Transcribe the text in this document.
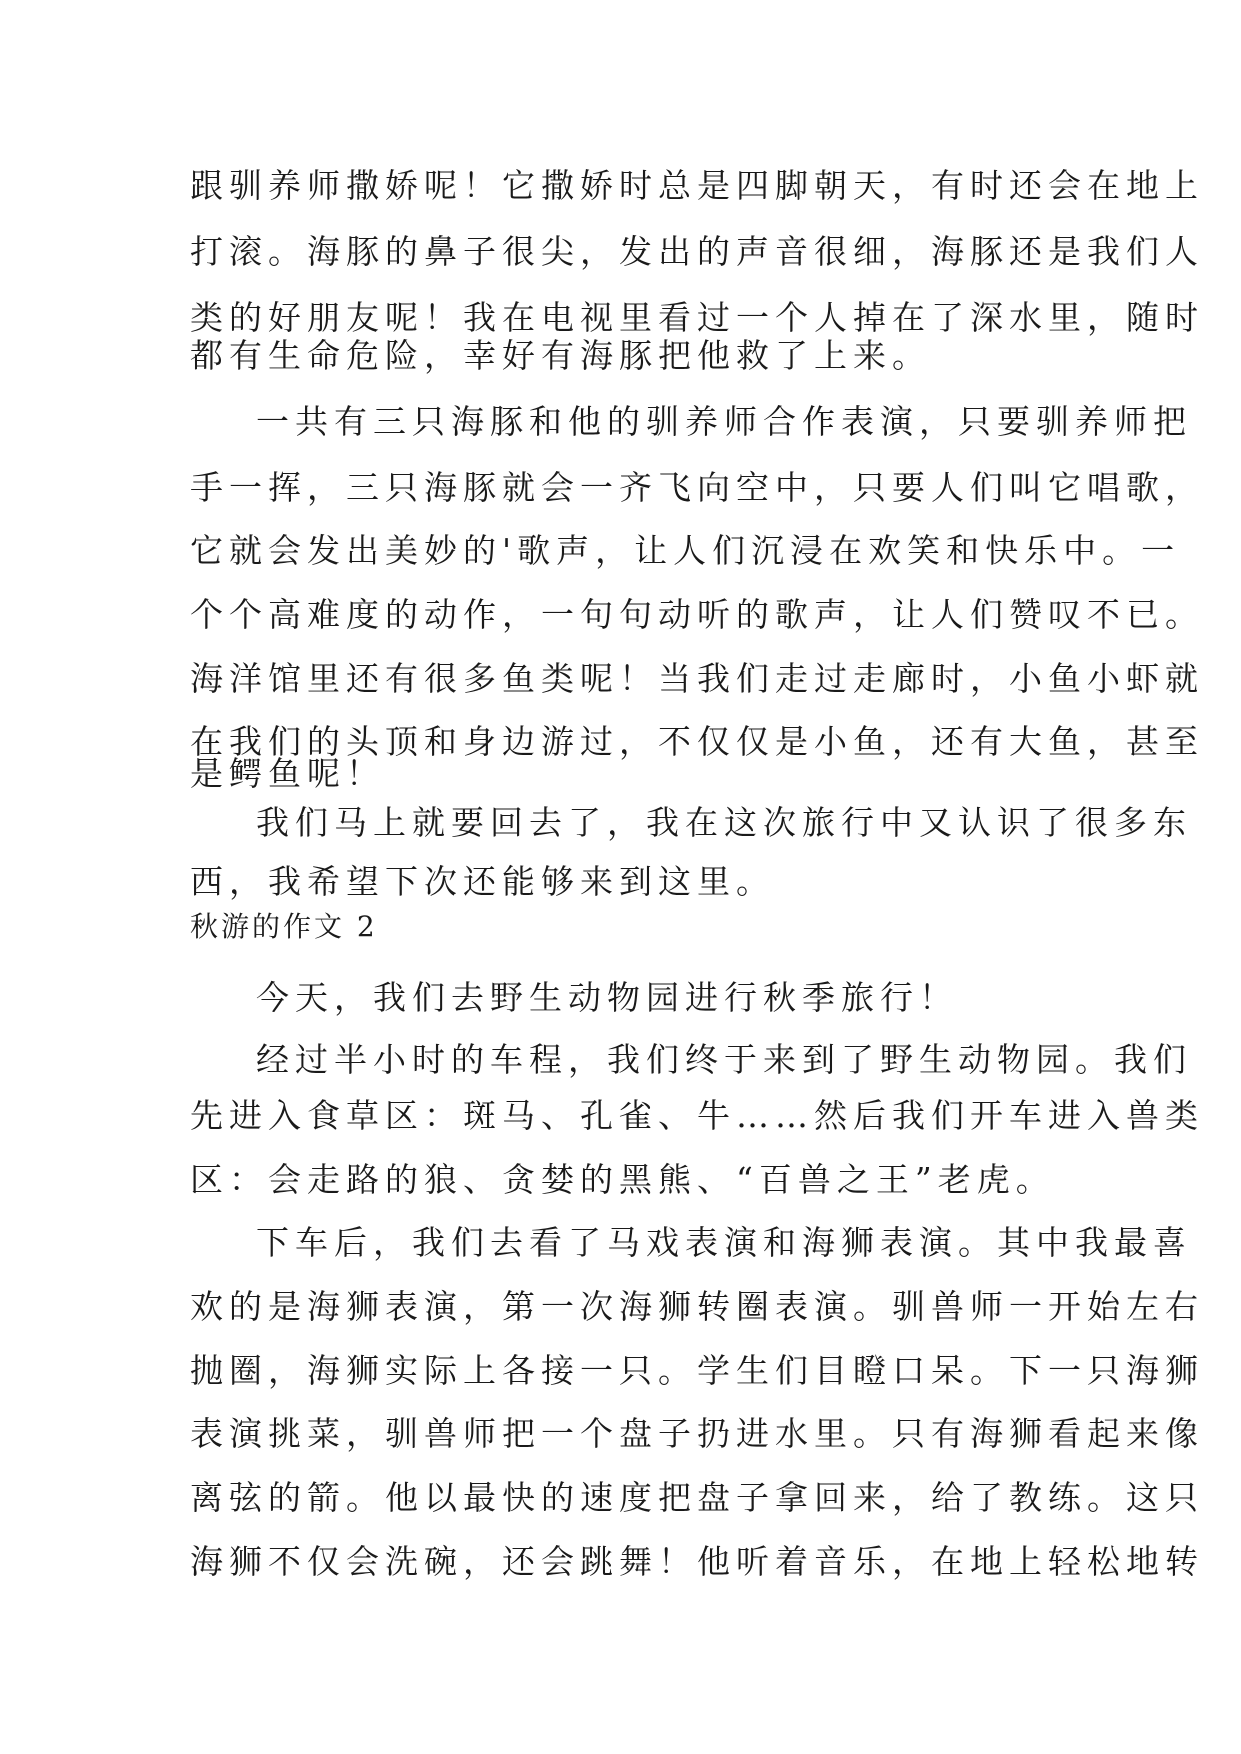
跟驯养师撒娇呢！它撒娇时总是四脚朝天，有时还会在地上
打滚。海豚的鼻子很尖，发出的声音很细，海豚还是我们人
类的好朋友呢！我在电视里看过一个人掉在了深水里，随时
都有生命危险，幸好有海豚把他救了上来。
一共有三只海豚和他的驯养师合作表演，只要驯养师把
手一挥，三只海豚就会一齐飞向空中，只要人们叫它唱歌，
它就会发出美妙的'歌声，让人们沉浸在欢笑和快乐中。一
个个高难度的动作，一句句动听的歌声，让人们赞叹不已。
海洋馆里还有很多鱼类呢！当我们走过走廊时，小鱼小虾就
在我们的头顶和身边游过，不仅仅是小鱼，还有大鱼，甚至
是鳄鱼呢！
我们马上就要回去了，我在这次旅行中又认识了很多东
西，我希望下次还能够来到这里。
秋游的作文 2
今天，我们去野生动物园进行秋季旅行！
经过半小时的车程，我们终于来到了野生动物园。我们
先进入食草区：斑马、孔雀、牛……然后我们开车进入兽类
区：会走路的狼、贪婪的黑熊、“百兽之王”老虎。
下车后，我们去看了马戏表演和海狮表演。其中我最喜
欢的是海狮表演，第一次海狮转圈表演。驯兽师一开始左右
抛圈，海狮实际上各接一只。学生们目瞪口呆。下一只海狮
表演挑菜，驯兽师把一个盘子扔进水里。只有海狮看起来像
离弦的箭。他以最快的速度把盘子拿回来，给了教练。这只
海狮不仅会洗碗，还会跳舞！他听着音乐，在地上轻松地转
